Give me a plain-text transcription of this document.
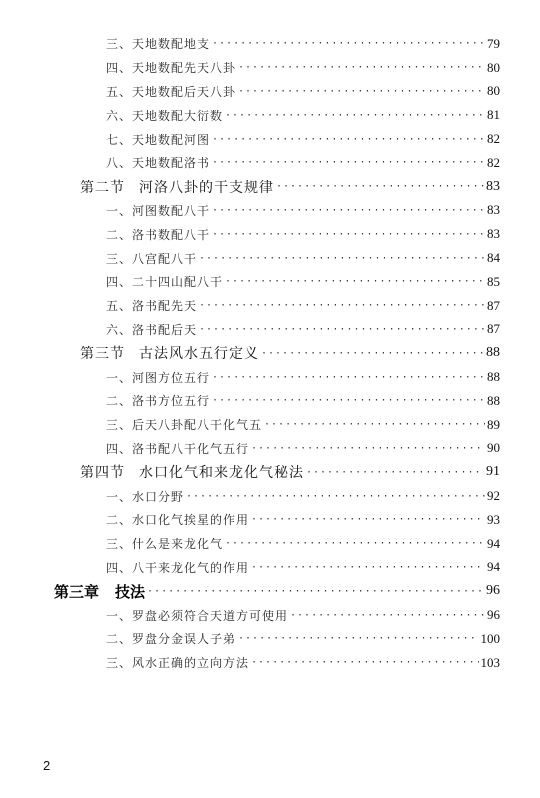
三、天地数配地支 ·····	79
四、天地数配先天八卦 ·····	80
五、天地数配后天八卦 ·····	80
六、天地数配大衍数 ·····	81
七、天地数配河图 ·····	82
八、天地数配洛书 ·····	82
第二节 河洛八卦的干支规律 ·····	83
一、河图数配八干 ·····	83
二、洛书数配八干 ·····	83
三、八宫配八干 ·····	84
四、二十四山配八干 ·····	85
五、洛书配先天 ·····	87
六、洛书配后天 ·····	87
第三节 古法风水五行定义 ·····	88
一、河图方位五行 ·····	88
二、洛书方位五行 ·····	88
三、后天八卦配八干化气五 ·····	89
四、洛书配八干化气五行 ·····	90
第四节 水口化气和来龙化气秘法 ·····	91
一、水口分野 ·····	92
二、水口化气挨星的作用 ·····	93
三、什么是来龙化气 ·····	94
四、八干来龙化气的作用 ·····	94
第三章 技法 ·····	96
一、罗盘必须符合天道方可使用 ·····	96
二、罗盘分金误人子弟 ·····	100
三、风水正确的立向方法 ·····	103
2
